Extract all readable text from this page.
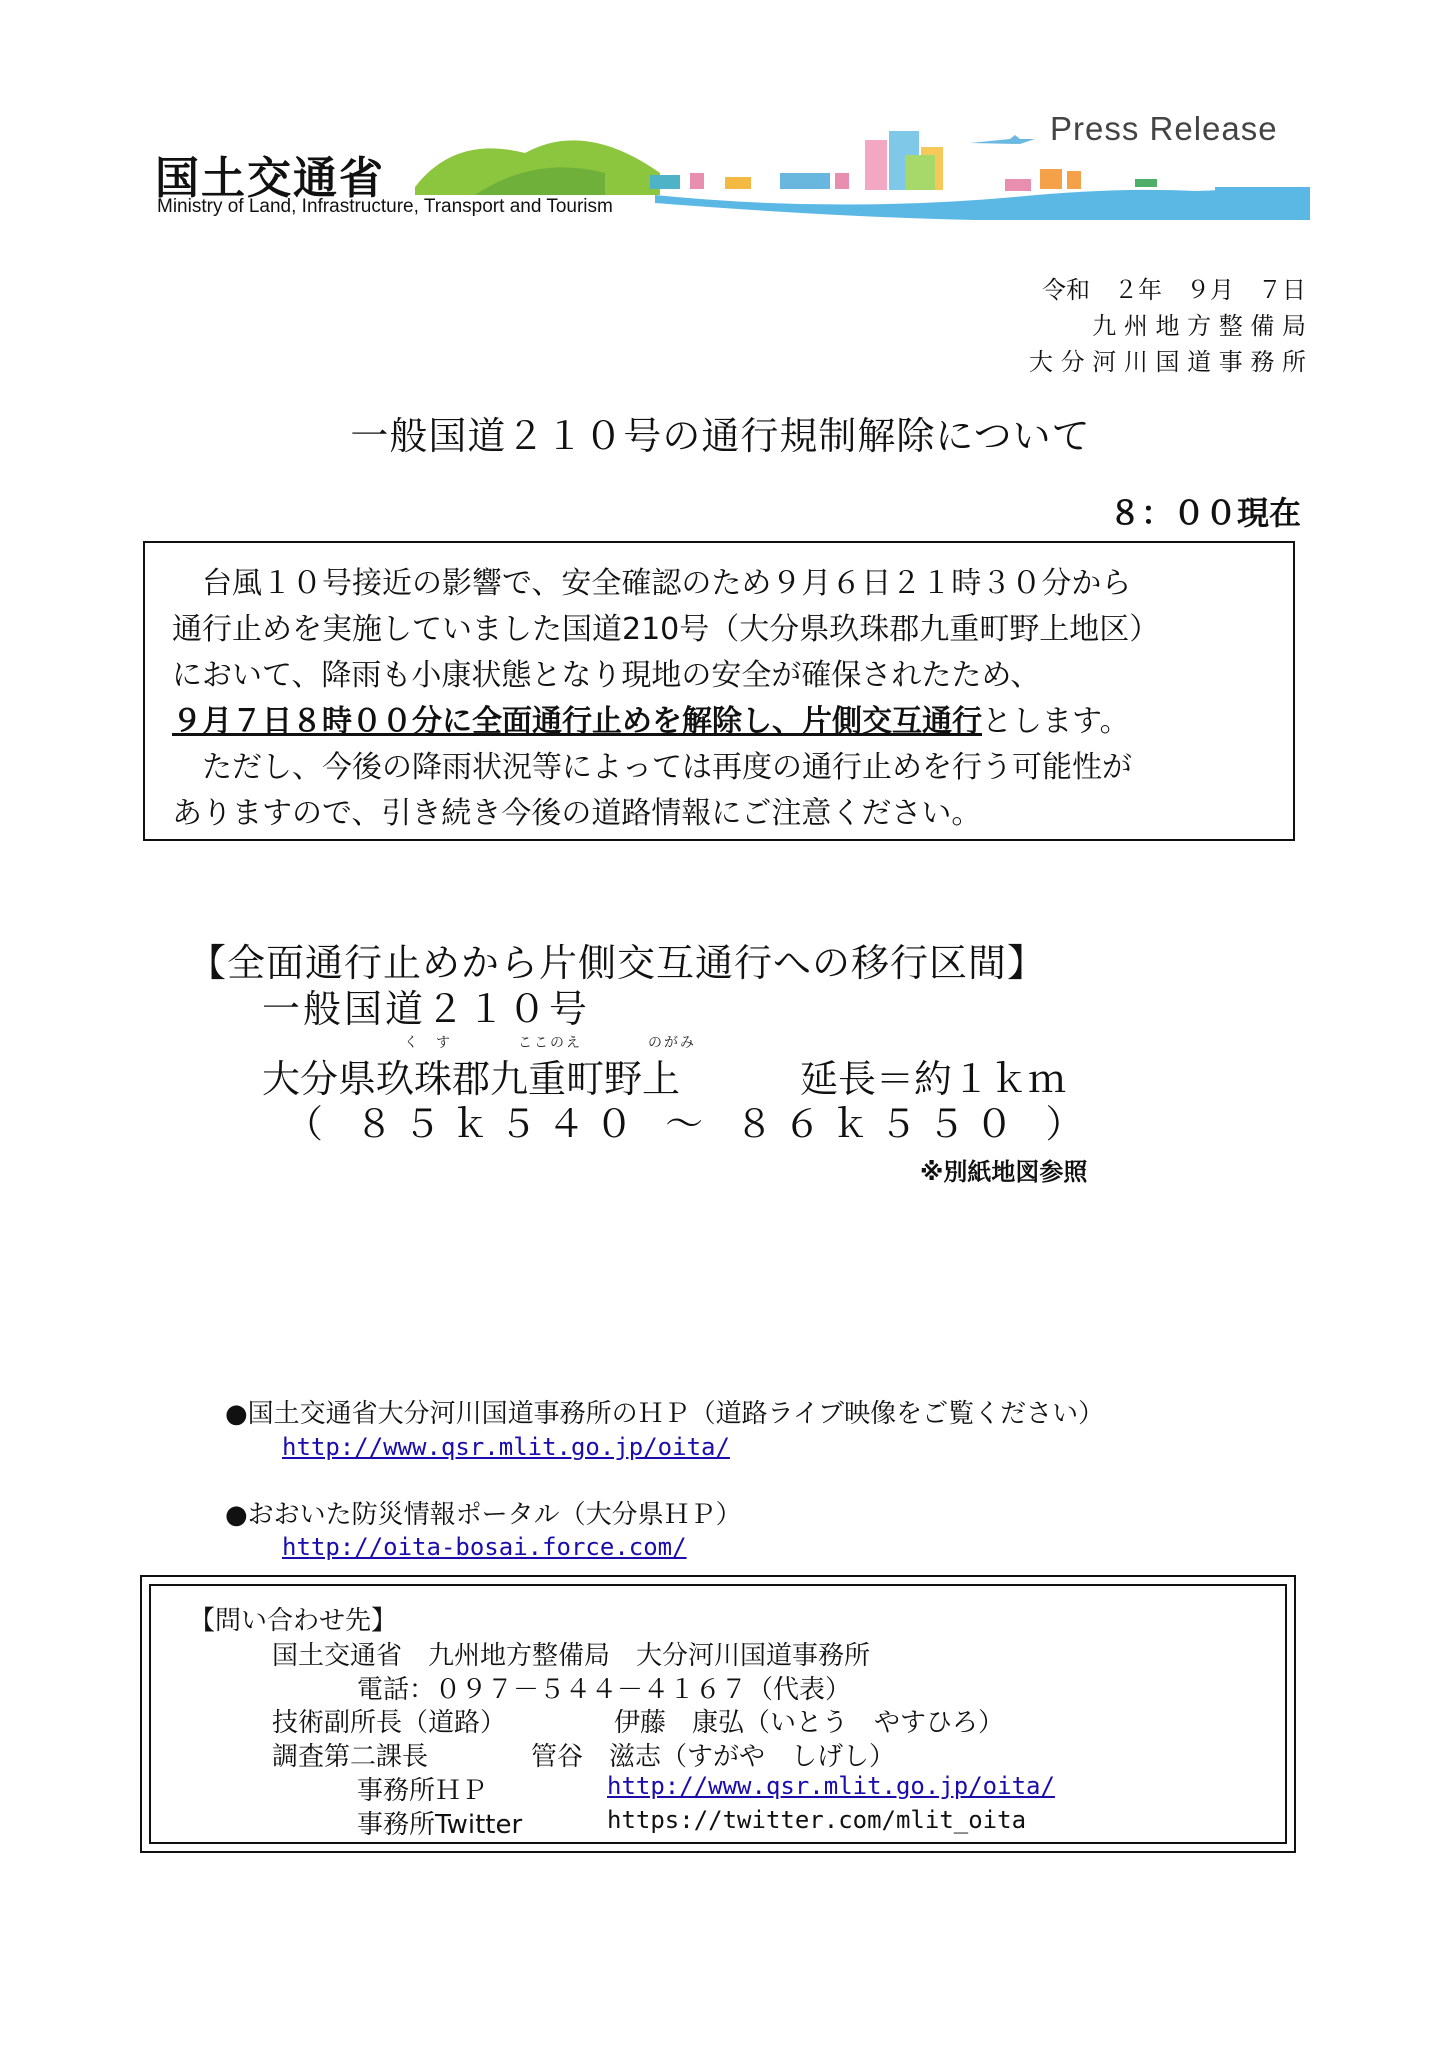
国土交通省
Ministry of Land, Infrastructure, Transport and Tourism
Press Release
令和　２年　９月　７日
九 州 地 方 整 備 局
大 分 河 川 国 道 事 務 所
一般国道２１０号の通行規制解除について
８：００現在

　台風１０号接近の影響で、安全確認のため９月６日２１時３０分から

通行止めを実施していました国道210号（大分県玖珠郡九重町野上地区）

において、降雨も小康状態となり現地の安全が確保されたため、

９月７日８時００分に全面通行止めを解除し、片側交互通行とします。

　ただし、今後の降雨状況等によっては再度の通行止めを行う可能性が

ありますので、引き続き今後の道路情報にご注意ください。

【全面通行止めから片側交互通行への移行区間】
一般国道２１０号
く　す	ここのえ	のがみ
大分県玖珠郡九重町野上	延長＝約１ｋｍ
（ ８５ｋ５４０ ～ ８６ｋ５５０ ）
※別紙地図参照
●国土交通省大分河川国道事務所のＨＰ（道路ライブ映像をご覧ください）
http://www.qsr.mlit.go.jp/oita/
●おおいた防災情報ポータル（大分県ＨＰ）
http://oita-bosai.force.com/
【問い合わせ先】
国土交通省　九州地方整備局　大分河川国道事務所
電話：０９７－５４４－４１６７（代表）
技術副所長（道路）	伊藤　康弘（いとう　やすひろ）
調査第二課長	管谷　滋志（すがや　しげし）
事務所ＨＰ	http://www.qsr.mlit.go.jp/oita/
事務所Twitter	https://twitter.com/mlit_oita
